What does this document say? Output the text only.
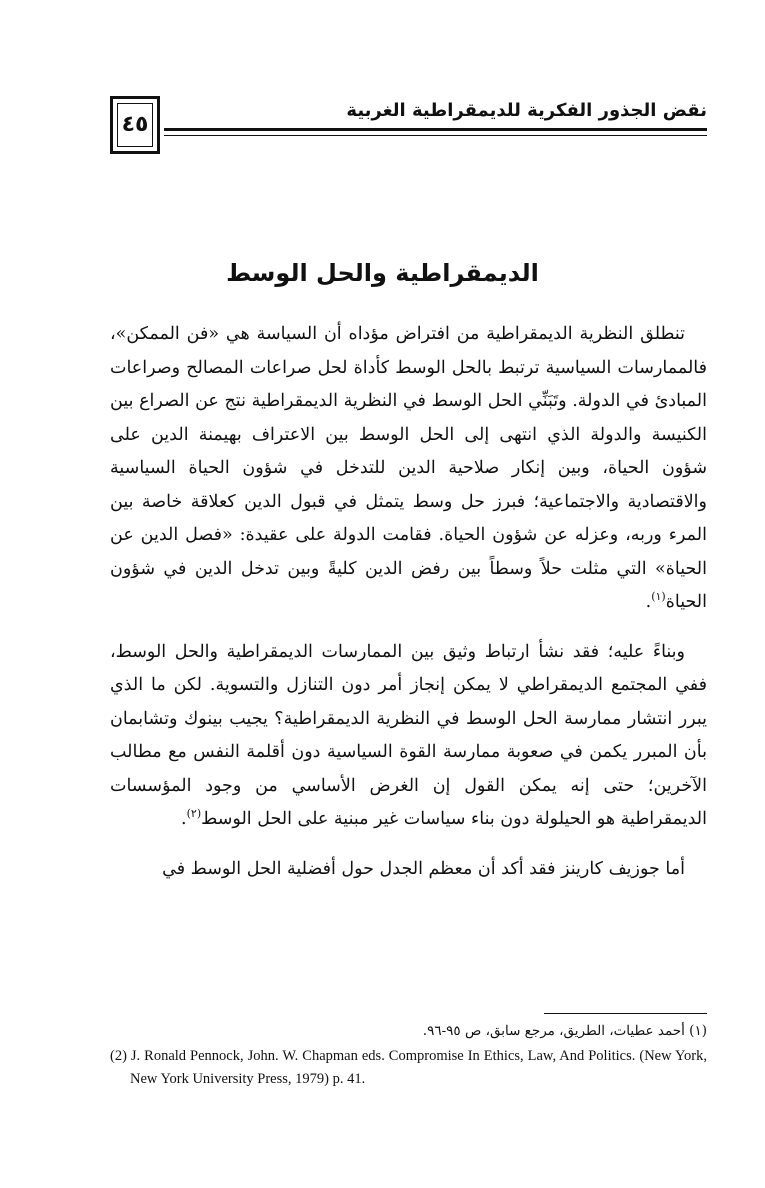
٤٥
نقض الجذور الفكرية للديمقراطية الغربية
الديمقراطية والحل الوسط

تنطلق النظرية الديمقراطية من افتراض مؤداه أن السياسة هي «فن الممكن»، فالممارسات السياسية ترتبط بالحل الوسط كأداة لحل صراعات المصالح وصراعات المبادئ في الدولة. وتَبَنِّي الحل الوسط في النظرية الديمقراطية نتج عن الصراع بين الكنيسة والدولة الذي انتهى إلى الحل الوسط بين الاعتراف بهيمنة الدين على شؤون الحياة، وبين إنكار صلاحية الدين للتدخل في شؤون الحياة السياسية والاقتصادية والاجتماعية؛ فبرز حل وسط يتمثل في قبول الدين كعلاقة خاصة بين المرء وربه، وعزله عن شؤون الحياة. فقامت الدولة على عقيدة: «فصل الدين عن الحياة» التي مثلت حلاً وسطاً بين رفض الدين كليةً وبين تدخل الدين في شؤون الحياة$^{(١)}$.

وبناءً عليه؛ فقد نشأ ارتباط وثيق بين الممارسات الديمقراطية والحل الوسط، ففي المجتمع الديمقراطي لا يمكن إنجاز أمر دون التنازل والتسوية. لكن ما الذي يبرر انتشار ممارسة الحل الوسط في النظرية الديمقراطية؟ يجيب بينوك وتشابمان بأن المبرر يكمن في صعوبة ممارسة القوة السياسية دون أقلمة النفس مع مطالب الآخرين؛ حتى إنه يمكن القول إن الغرض الأساسي من وجود المؤسسات الديمقراطية هو الحيلولة دون بناء سياسات غير مبنية على الحل الوسط$^{(٢)}$.

أما جوزيف كارينز فقد أكد أن معظم الجدل حول أفضلية الحل الوسط في

(١) أحمد عطيات، الطريق، مرجع سابق، ص ٩٥-٩٦.

(2) J. Ronald Pennock, John. W. Chapman eds. Compromise In Ethics, Law, And Politics. (New York, New York University Press, 1979) p. 41.
